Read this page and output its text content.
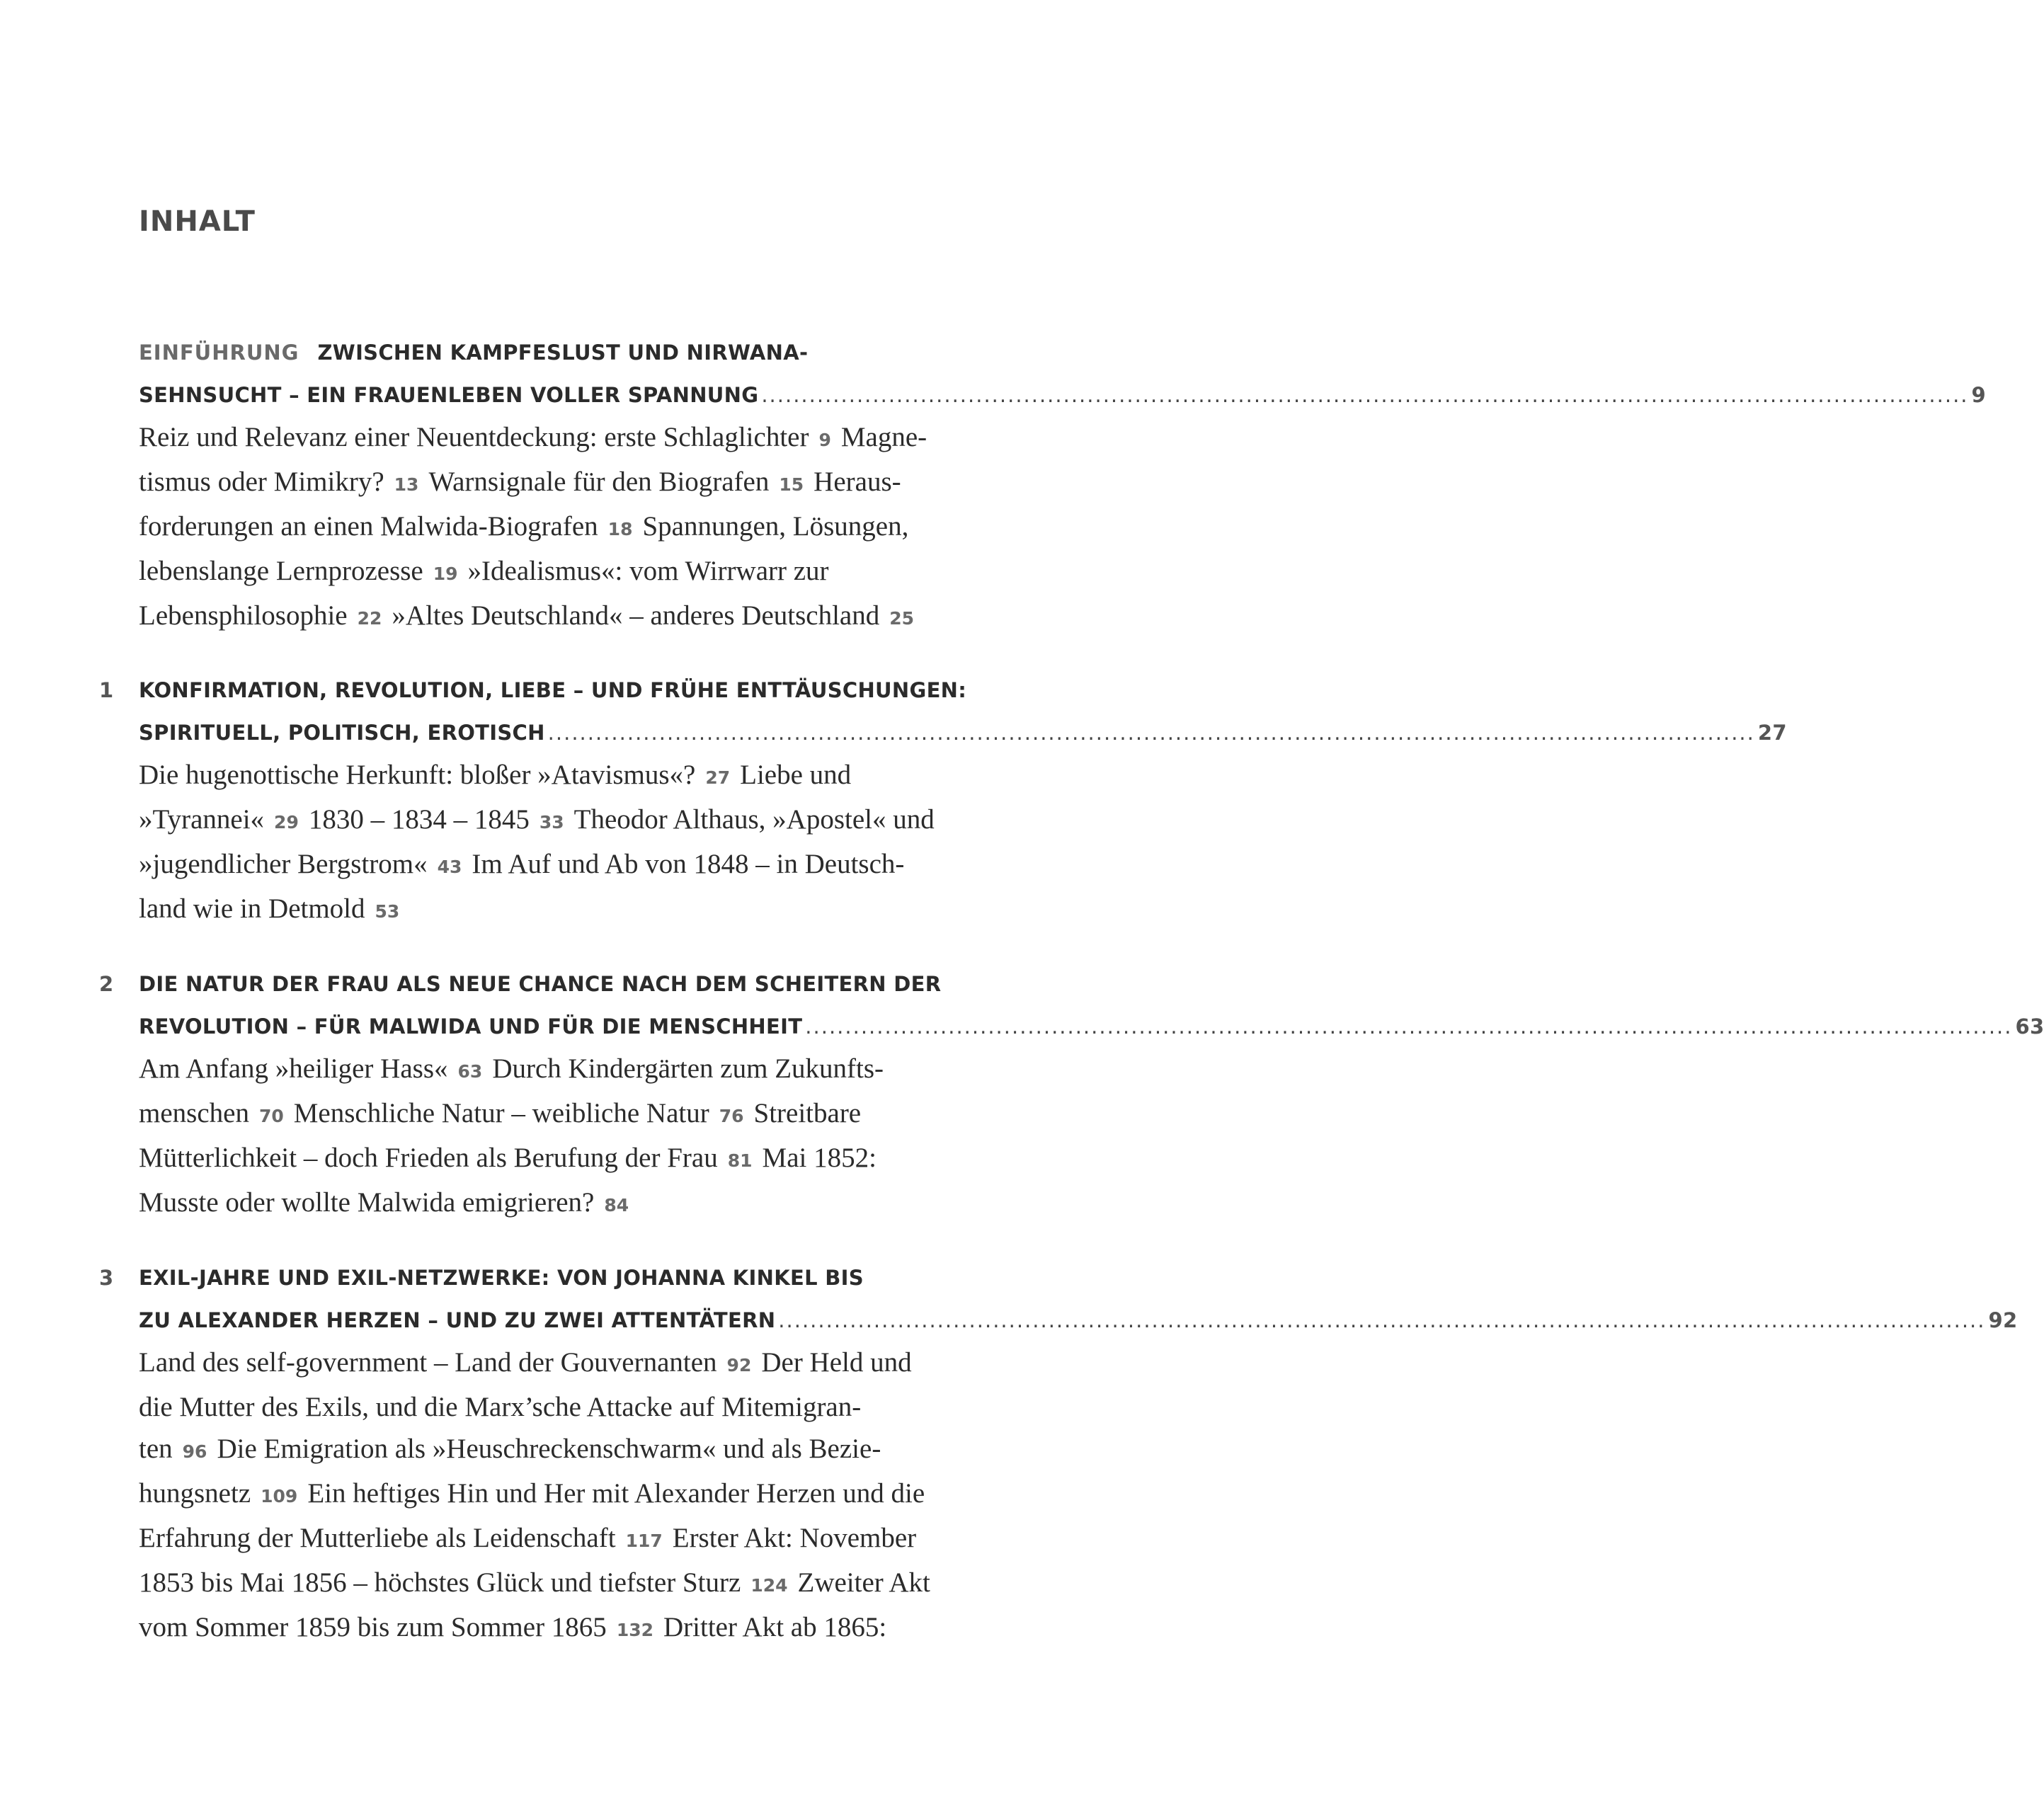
INHALT
EINFÜHRUNG ZWISCHEN KAMPFESLUST UND NIRWANA-
SEHNSUCHT – EIN FRAUENLEBEN VOLLER SPANNUNG ........................................................................................................................................................ 9
Reiz und Relevanz einer Neuentdeckung: erste Schlaglichter 9 Magne-
tismus oder Mimikry? 13 Warnsignale für den Biografen 15 Heraus-
forderungen an einen Malwida-Biografen 18 Spannungen, Lösungen,
lebenslange Lernprozesse 19 »Idealismus«: vom Wirrwarr zur
Lebensphilosophie 22 »Altes Deutschland« – anderes Deutschland 25
1 KONFIRMATION, REVOLUTION, LIEBE – UND FRÜHE ENTTÄUSCHUNGEN:
SPIRITUELL, POLITISCH, EROTISCH ........................................................................................................................................................ 27
Die hugenottische Herkunft: bloßer »Atavismus«? 27 Liebe und
»Tyrannei« 29 1830 – 1834 – 1845 33 Theodor Althaus, »Apostel« und
»jugendlicher Bergstrom« 43 Im Auf und Ab von 1848 – in Deutsch-
land wie in Detmold 53
2 DIE NATUR DER FRAU ALS NEUE CHANCE NACH DEM SCHEITERN DER
REVOLUTION – FÜR MALWIDA UND FÜR DIE MENSCHHEIT ........................................................................................................................................................ 63
Am Anfang »heiliger Hass« 63 Durch Kindergärten zum Zukunfts-
menschen 70 Menschliche Natur – weibliche Natur 76 Streitbare
Mütterlichkeit – doch Frieden als Berufung der Frau 81 Mai 1852:
Musste oder wollte Malwida emigrieren? 84
3 EXIL-JAHRE UND EXIL-NETZWERKE: VON JOHANNA KINKEL BIS
ZU ALEXANDER HERZEN – UND ZU ZWEI ATTENTÄTERN ........................................................................................................................................................ 92
Land des self-government – Land der Gouvernanten 92 Der Held und
die Mutter des Exils, und die Marx’sche Attacke auf Mitemigran-
ten 96 Die Emigration als »Heuschreckenschwarm« und als Bezie-
hungsnetz 109 Ein heftiges Hin und Her mit Alexander Herzen und die
Erfahrung der Mutterliebe als Leidenschaft 117 Erster Akt: November
1853 bis Mai 1856 – höchstes Glück und tiefster Sturz 124 Zweiter Akt
vom Sommer 1859 bis zum Sommer 1865 132 Dritter Akt ab 1865:
